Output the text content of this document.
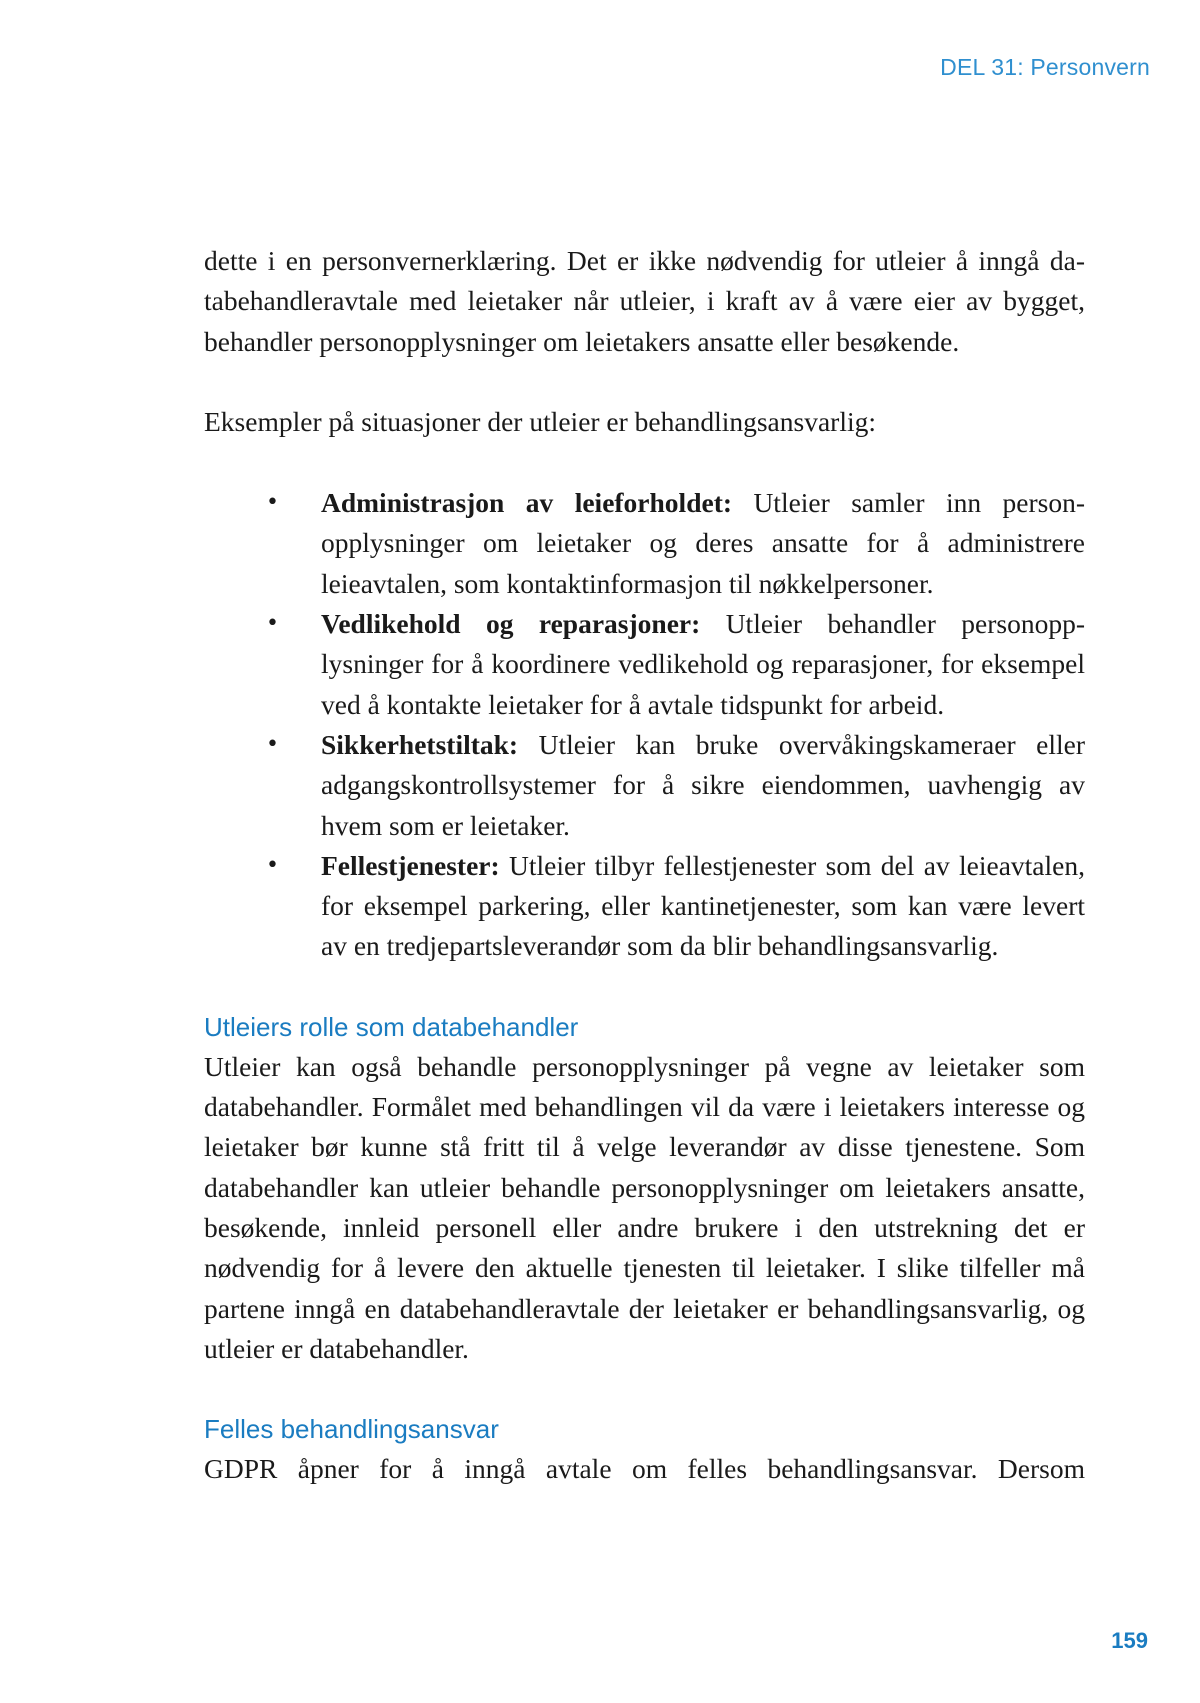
DEL 31: Personvern

dette i en personvernerklæring. Det er ikke nødvendig for utleier å inngå databehandleravtale med leietaker når utleier, i kraft av å være eier av bygget, behandler personopplysninger om leietakers ansatte eller besøkende.

Eksempler på situasjoner der utleier er behandlingsansvarlig:

• Administrasjon av leieforholdet: Utleier samler inn personopplysninger om leietaker og deres ansatte for å administrere leieavtalen, som kontaktinformasjon til nøkkelpersoner.
• Vedlikehold og reparasjoner: Utleier behandler personopplysninger for å koordinere vedlikehold og reparasjoner, for eksempel ved å kontakte leietaker for å avtale tidspunkt for arbeid.
• Sikkerhetstiltak: Utleier kan bruke overvåkingskameraer eller adgangskontrollsystemer for å sikre eiendommen, uavhengig av hvem som er leietaker.
• Fellestjenester: Utleier tilbyr fellestjenester som del av leieavtalen, for eksempel parkering, eller kantinetjenester, som kan være levert av en tredjepartsleverandør som da blir behandlingsansvarlig.
Utleiers rolle som databehandler

Utleier kan også behandle personopplysninger på vegne av leietaker som databehandler. Formålet med behandlingen vil da være i leietakers interesse og leietaker bør kunne stå fritt til å velge leverandør av disse tjenestene. Som databehandler kan utleier behandle personopplysninger om leietakers ansatte, besøkende, innleid personell eller andre brukere i den utstrekning det er nødvendig for å levere den aktuelle tjenesten til leietaker. I slike tilfeller må partene inngå en databehandleravtale der leietaker er behandlingsansvarlig, og utleier er databehandler.

Felles behandlingsansvar

GDPR åpner for å inngå avtale om felles behandlingsansvar. Dersom

159
